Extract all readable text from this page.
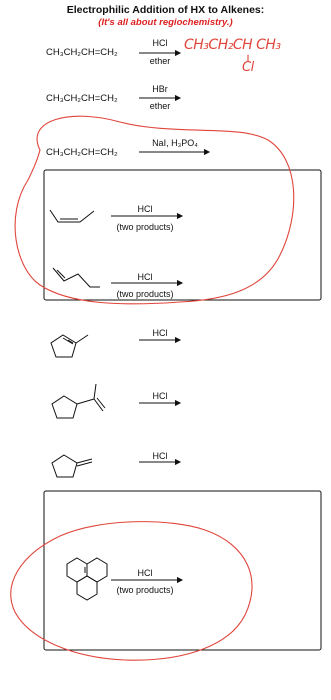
Electrophilic Addition of HX to Alkenes:
(It's all about regiochemistry.)
CH₃CH₂CH=CH₂
HCl
ether
CH₃CH₂CH CH₃
Cl
CH₃CH₂CH=CH₂
HBr
ether
CH₃CH₂CH=CH₂
NaI, H₃PO₄
HCl
(two products)
HCl
(two products)
HCl
HCl
HCl
HCl
(two products)
